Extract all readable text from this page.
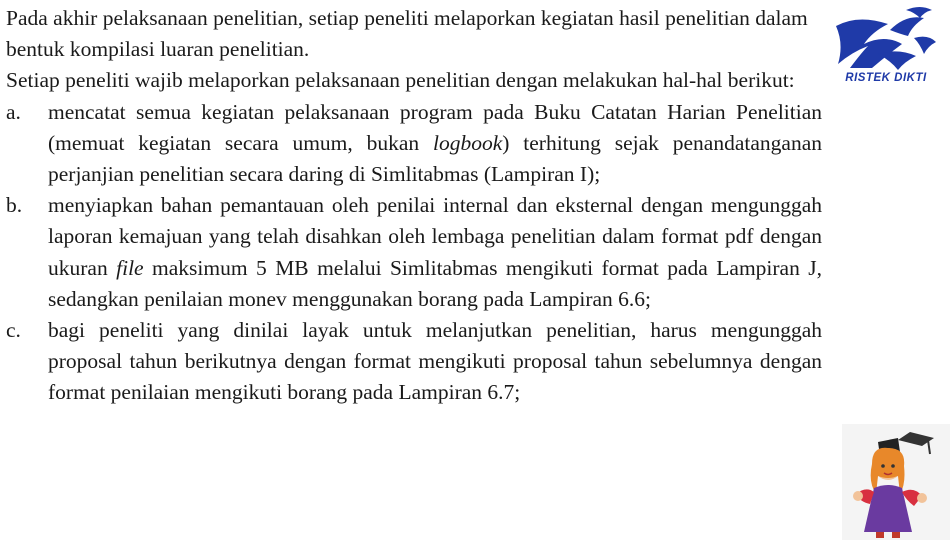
Pada akhir pelaksanaan penelitian, setiap peneliti melaporkan kegiatan hasil penelitian dalam bentuk kompilasi luaran penelitian.

Setiap peneliti wajib melaporkan pelaksanaan penelitian dengan melakukan hal-hal berikut:

a. mencatat semua kegiatan pelaksanaan program pada Buku Catatan Harian Penelitian (memuat kegiatan secara umum, bukan logbook) terhitung sejak penandatanganan perjanjian penelitian secara daring di Simlitabmas (Lampiran I);
b. menyiapkan bahan pemantauan oleh penilai internal dan eksternal dengan mengunggah laporan kemajuan yang telah disahkan oleh lembaga penelitian dalam format pdf dengan ukuran file maksimum 5 MB melalui Simlitabmas mengikuti format pada Lampiran J, sedangkan penilaian monev menggunakan borang pada Lampiran 6.6;
c. bagi peneliti yang dinilai layak untuk melanjutkan penelitian, harus mengunggah proposal tahun berikutnya dengan format mengikuti proposal tahun sebelumnya dengan format penilaian mengikuti borang pada Lampiran 6.7;
RISTEK DIKTI
